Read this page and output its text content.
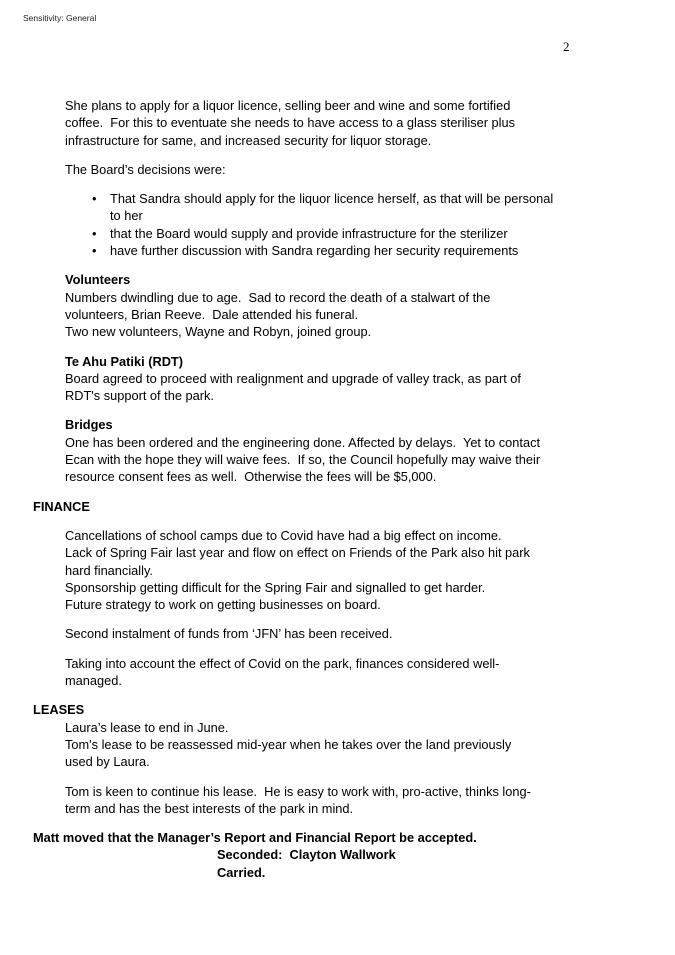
Sensitivity: General
2
She plans to apply for a liquor licence, selling beer and wine and some fortified
coffee.  For this to eventuate she needs to have access to a glass steriliser plus
infrastructure for same, and increased security for liquor storage.
The Board’s decisions were:
•	That Sandra should apply for the liquor licence herself, as that will be personal
to her
•	that the Board would supply and provide infrastructure for the sterilizer
•	have further discussion with Sandra regarding her security requirements
Volunteers
Numbers dwindling due to age.  Sad to record the death of a stalwart of the
volunteers, Brian Reeve.  Dale attended his funeral.
Two new volunteers, Wayne and Robyn, joined group.
Te Ahu Patiki (RDT)
Board agreed to proceed with realignment and upgrade of valley track, as part of
RDT's support of the park.
Bridges
One has been ordered and the engineering done. Affected by delays.  Yet to contact
Ecan with the hope they will waive fees.  If so, the Council hopefully may waive their
resource consent fees as well.  Otherwise the fees will be $5,000.
FINANCE
Cancellations of school camps due to Covid have had a big effect on income.
Lack of Spring Fair last year and flow on effect on Friends of the Park also hit park
hard financially.
Sponsorship getting difficult for the Spring Fair and signalled to get harder.
Future strategy to work on getting businesses on board.
Second instalment of funds from ‘JFN’ has been received.
Taking into account the effect of Covid on the park, finances considered well-
managed.
LEASES
Laura’s lease to end in June.
Tom's lease to be reassessed mid-year when he takes over the land previously
used by Laura.
Tom is keen to continue his lease.  He is easy to work with, pro-active, thinks long-
term and has the best interests of the park in mind.
Matt moved that the Manager’s Report and Financial Report be accepted.
Seconded:  Clayton Wallwork
Carried.
